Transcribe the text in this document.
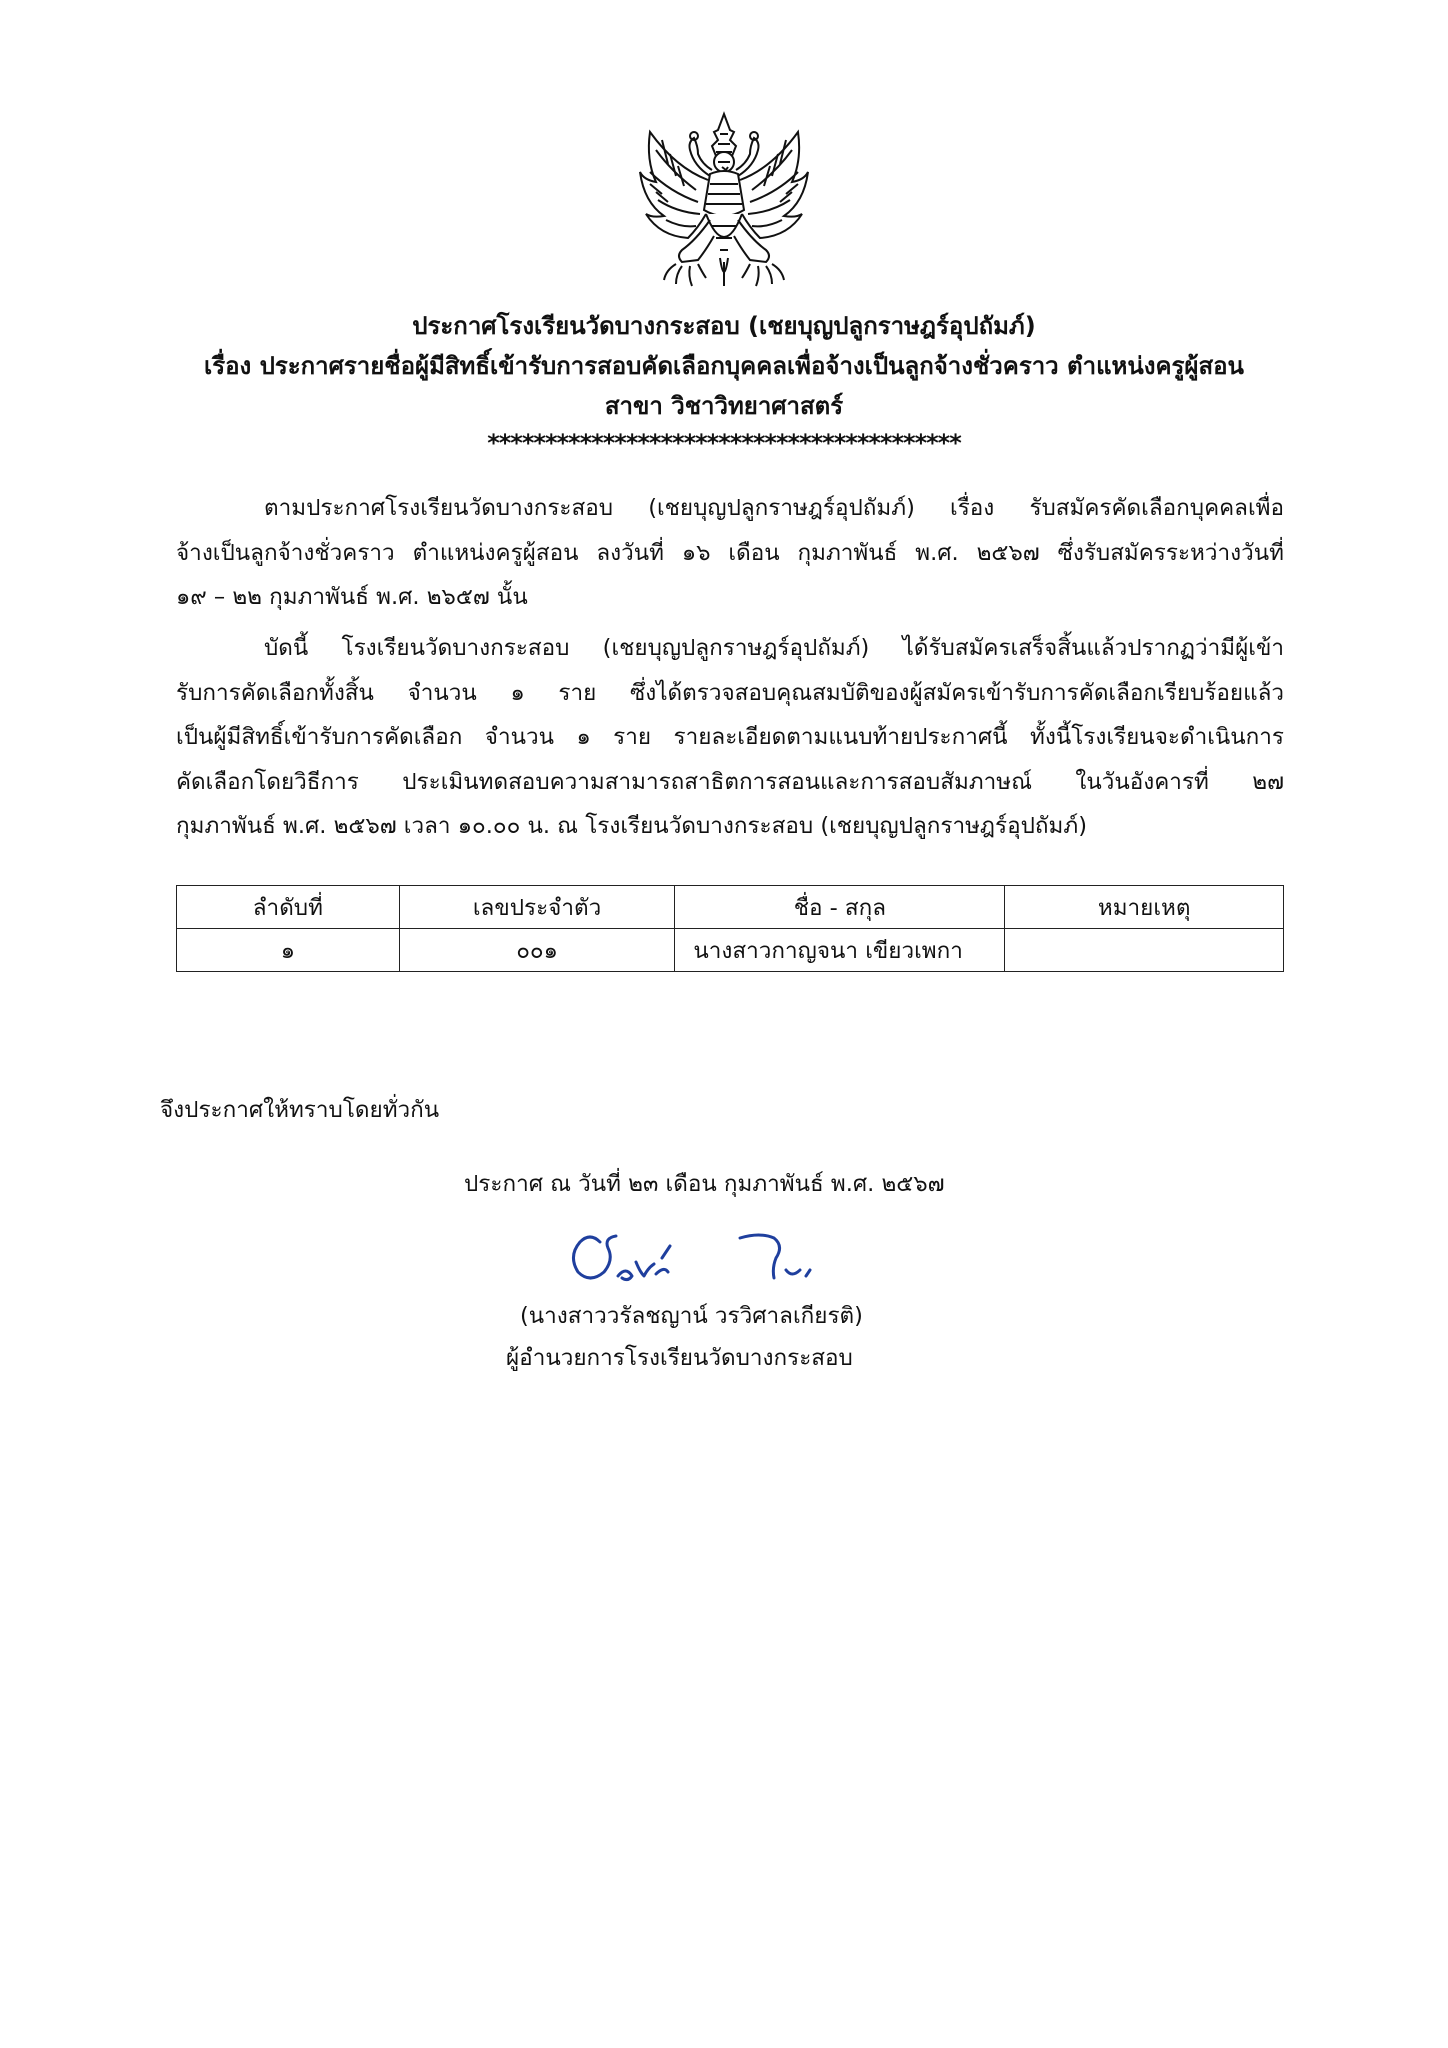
ประกาศโรงเรียนวัดบางกระสอบ (เชยบุญปลูกราษฎร์อุปถัมภ์)
เรื่อง ประกาศรายชื่อผู้มีสิทธิ์เข้ารับการสอบคัดเลือกบุคคลเพื่อจ้างเป็นลูกจ้างชั่วคราว ตำแหน่งครูผู้สอน
สาขา วิชาวิทยาศาสตร์
*****************************************
ตามประกาศโรงเรียนวัดบางกระสอบ (เชยบุญปลูกราษฎร์อุปถัมภ์) เรื่อง รับสมัครคัดเลือกบุคคลเพื่อ
จ้างเป็นลูกจ้างชั่วคราว ตำแหน่งครูผู้สอน ลงวันที่ ๑๖ เดือน กุมภาพันธ์ พ.ศ. ๒๕๖๗ ซึ่งรับสมัครระหว่างวันที่
๑๙ – ๒๒ กุมภาพันธ์ พ.ศ. ๒๖๕๗ นั้น
บัดนี้ โรงเรียนวัดบางกระสอบ (เชยบุญปลูกราษฎร์อุปถัมภ์) ได้รับสมัครเสร็จสิ้นแล้วปรากฏว่ามีผู้เข้า
รับการคัดเลือกทั้งสิ้น จำนวน ๑ ราย ซึ่งได้ตรวจสอบคุณสมบัติของผู้สมัครเข้ารับการคัดเลือกเรียบร้อยแล้ว
เป็นผู้มีสิทธิ์เข้ารับการคัดเลือก จำนวน ๑ ราย รายละเอียดตามแนบท้ายประกาศนี้ ทั้งนี้โรงเรียนจะดำเนินการ
คัดเลือกโดยวิธีการ ประเมินทดสอบความสามารถสาธิตการสอนและการสอบสัมภาษณ์ ในวันอังคารที่ ๒๗
กุมภาพันธ์ พ.ศ. ๒๕๖๗ เวลา ๑๐.๐๐ น. ณ โรงเรียนวัดบางกระสอบ (เชยบุญปลูกราษฎร์อุปถัมภ์)
ลำดับที่	เลขประจำตัว	ชื่อ - สกุล	หมายเหตุ
๑	๐๐๑	นางสาวกาญจนา เขียวเพกา	
จึงประกาศให้ทราบโดยทั่วกัน
ประกาศ ณ วันที่ ๒๓ เดือน กุมภาพันธ์ พ.ศ. ๒๕๖๗
(นางสาววรัลชญาน์ วรวิศาลเกียรติ)
ผู้อำนวยการโรงเรียนวัดบางกระสอบ
